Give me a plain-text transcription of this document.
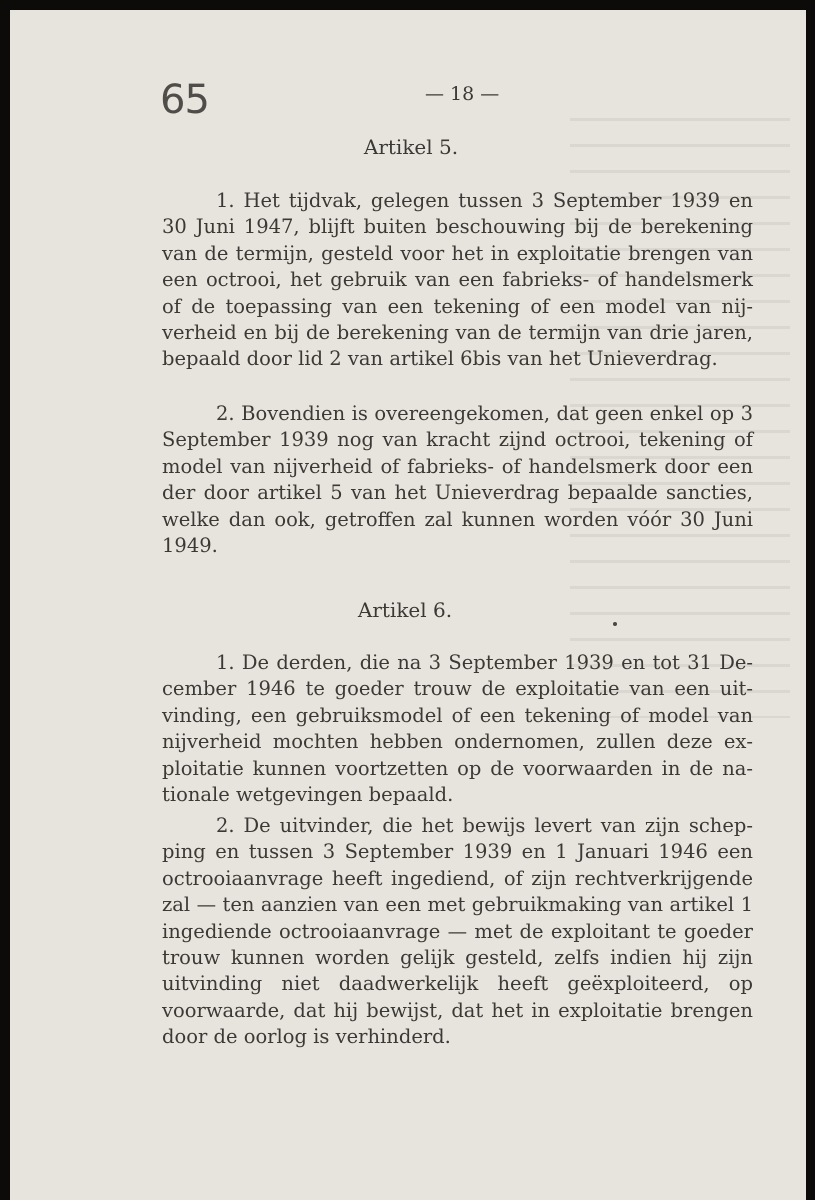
65	— 18 —
Artikel 5.
1. Het tijdvak, gelegen tussen 3 September 1939 en 30 Juni 1947, blijft buiten beschouwing bij de berekening van de termijn, gesteld voor het in exploitatie brengen van een octrooi, het gebruik van een fabrieks- of handelsmerk of de toepassing van een tekening of een model van nijverheid en bij de berekening van de termijn van drie jaren, bepaald door lid 2 van artikel 6bis van het Unieverdrag.
2. Bovendien is overeengekomen, dat geen enkel op 3 September 1939 nog van kracht zijnd octrooi, tekening of model van nijverheid of fabrieks- of handelsmerk door een der door artikel 5 van het Unieverdrag bepaalde sancties, welke dan ook, getroffen zal kunnen worden vóór 30 Juni 1949.
Artikel 6.
1. De derden, die na 3 September 1939 en tot 31 December 1946 te goeder trouw de exploitatie van een uitvinding, een gebruiksmodel of een tekening of model van nijverheid mochten hebben ondernomen, zullen deze exploitatie kunnen voortzetten op de voorwaarden in de nationale wetgevingen bepaald.
2. De uitvinder, die het bewijs levert van zijn schepping en tussen 3 September 1939 en 1 Januari 1946 een octrooiaanvrage heeft ingediend, of zijn rechtverkrijgende zal — ten aanzien van een met gebruikmaking van artikel 1 ingediende octrooiaanvrage — met de exploitant te goeder trouw kunnen worden gelijk gesteld, zelfs indien hij zijn uitvinding niet daadwerkelijk heeft geëxploiteerd, op voorwaarde, dat hij bewijst, dat het in exploitatie brengen door de oorlog is verhinderd.
